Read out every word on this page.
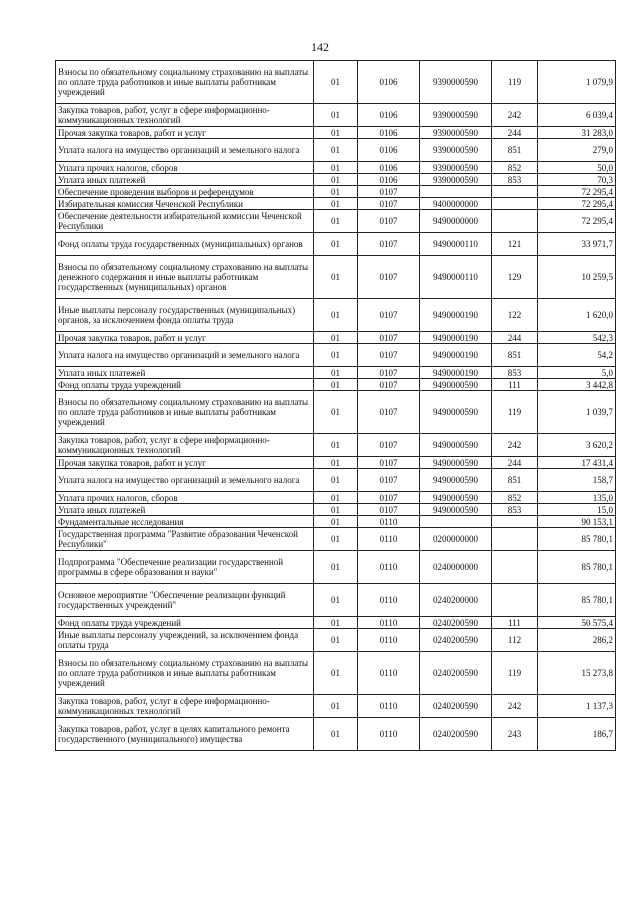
142
Взносы по обязательному социальному страхованию на выплаты по оплате труда работников и иные выплаты работникам учреждений	01	0106	9390000590	119	1 079,9
Закупка товаров, работ, услуг в сфере информационно-коммуникационных технологий	01	0106	9390000590	242	6 039,4
Прочая закупка товаров, работ и услуг	01	0106	9390000590	244	31 283,0
Уплата налога на имущество организаций и земельного налога	01	0106	9390000590	851	279,0
Уплата прочих налогов, сборов	01	0106	9390000590	852	50,0
Уплата иных платежей	01	0106	9390000590	853	70,3
Обеспечение проведения выборов и референдумов	01	0107			72 295,4
Избирательная комиссия Чеченской Республики	01	0107	9400000000		72 295,4
Обеспечение деятельности избирательной комиссии Чеченской Республики	01	0107	9490000000		72 295,4
Фонд оплаты труда государственных (муниципальных) органов	01	0107	9490000110	121	33 971,7
Взносы по обязательному социальному страхованию на выплаты денежного содержания и иные выплаты работникам государственных (муниципальных) органов	01	0107	9490000110	129	10 259,5
Иные выплаты персоналу государственных (муниципальных) органов, за исключением фонда оплаты труда	01	0107	9490000190	122	1 620,0
Прочая закупка товаров, работ и услуг	01	0107	9490000190	244	542,3
Уплата налога на имущество организаций и земельного налога	01	0107	9490000190	851	54,2
Уплата иных платежей	01	0107	9490000190	853	5,0
Фонд оплаты труда учреждений	01	0107	9490000590	111	3 442,8
Взносы по обязательному социальному страхованию на выплаты по оплате труда работников и иные выплаты работникам учреждений	01	0107	9490000590	119	1 039,7
Закупка товаров, работ, услуг в сфере информационно-коммуникационных технологий	01	0107	9490000590	242	3 620,2
Прочая закупка товаров, работ и услуг	01	0107	9490000590	244	17 431,4
Уплата налога на имущество организаций и земельного налога	01	0107	9490000590	851	158,7
Уплата прочих налогов, сборов	01	0107	9490000590	852	135,0
Уплата иных платежей	01	0107	9490000590	853	15,0
Фундаментальные исследования	01	0110			90 153,1
Государственная программа "Развитие образования Чеченской Республики"	01	0110	0200000000		85 780,1
Подпрограмма "Обеспечение реализации государственной программы в сфере образования и науки"	01	0110	0240000000		85 780,1
Основное мероприятие "Обеспечение реализации функций государственных учреждений"	01	0110	0240200000		85 780,1
Фонд оплаты труда учреждений	01	0110	0240200590	111	50 575,4
Иные выплаты персоналу учреждений, за исключением фонда оплаты труда	01	0110	0240200590	112	286,2
Взносы по обязательному социальному страхованию на выплаты по оплате труда работников и иные выплаты работникам учреждений	01	0110	0240200590	119	15 273,8
Закупка товаров, работ, услуг в сфере информационно-коммуникационных технологий	01	0110	0240200590	242	1 137,3
Закупка товаров, работ, услуг в целях капитального ремонта государственного (муниципального) имущества	01	0110	0240200590	243	186,7
